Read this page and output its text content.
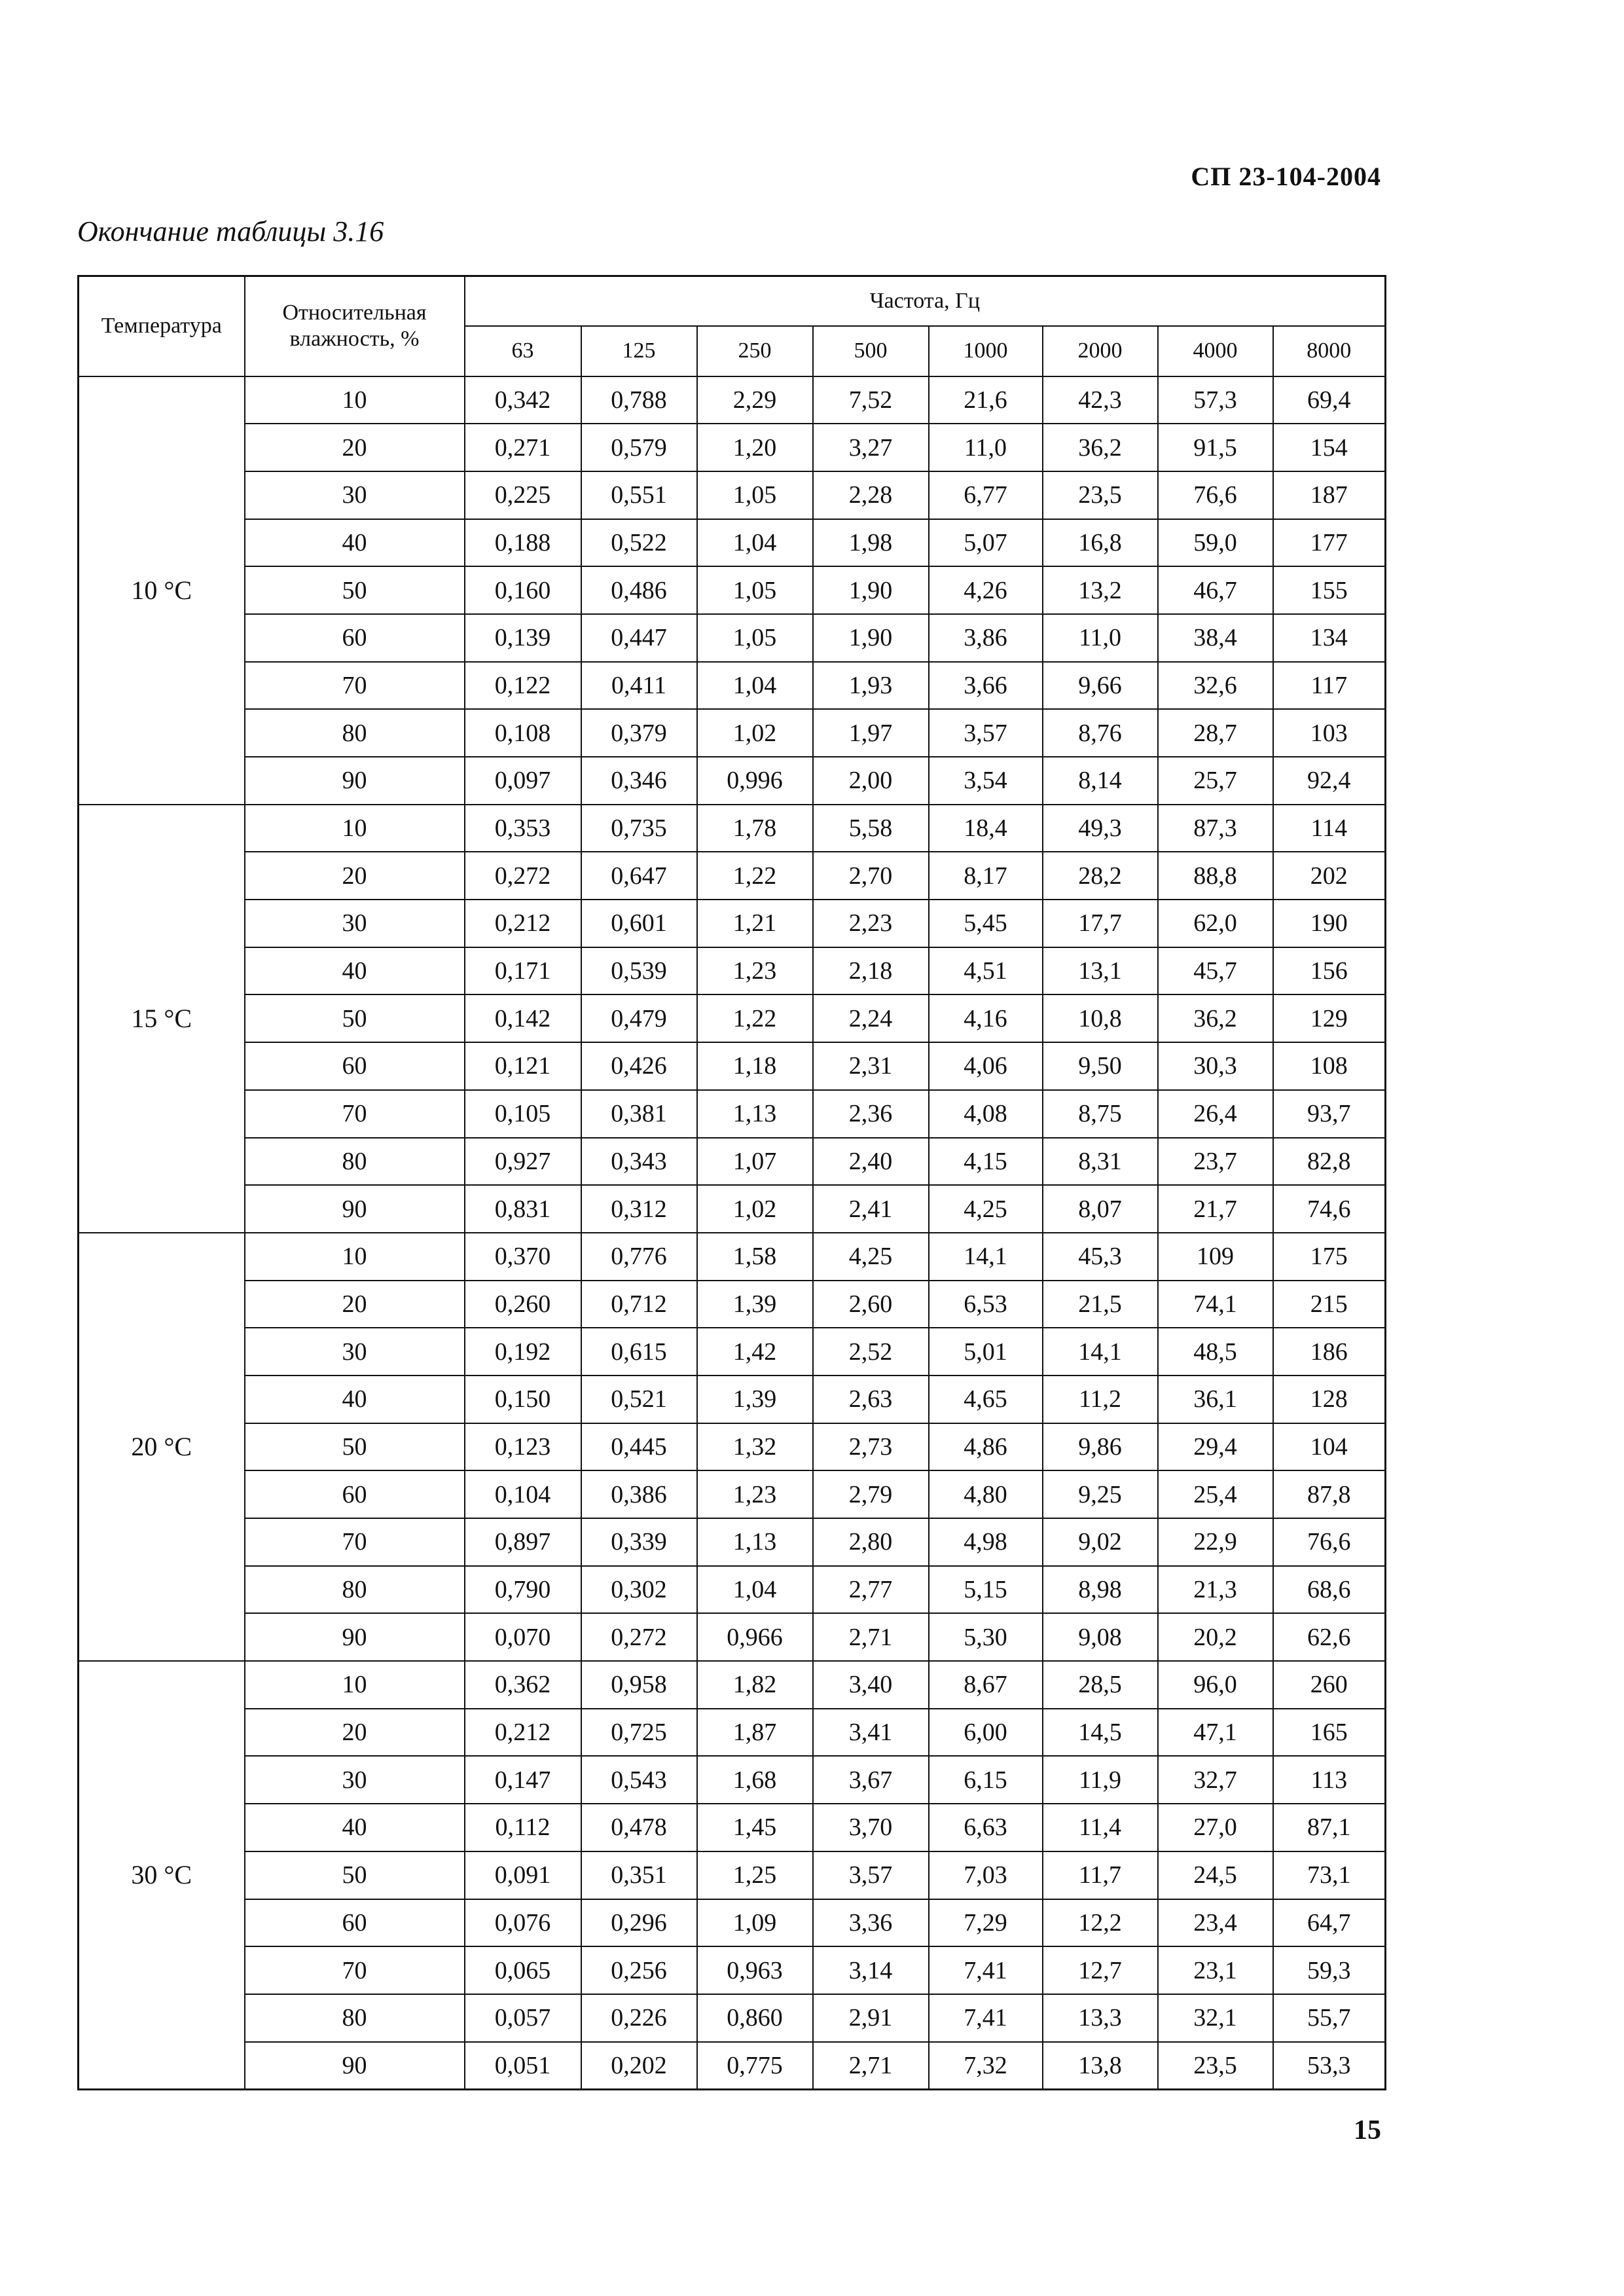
СП 23-104-2004
Окончание таблицы 3.16
Температура	Относительная влажность, %	Частота, Гц							
		63	125	250	500	1000	2000	4000	8000
10 °C	10	0,342	0,788	2,29	7,52	21,6	42,3	57,3	69,4
	20	0,271	0,579	1,20	3,27	11,0	36,2	91,5	154
	30	0,225	0,551	1,05	2,28	6,77	23,5	76,6	187
	40	0,188	0,522	1,04	1,98	5,07	16,8	59,0	177
	50	0,160	0,486	1,05	1,90	4,26	13,2	46,7	155
	60	0,139	0,447	1,05	1,90	3,86	11,0	38,4	134
	70	0,122	0,411	1,04	1,93	3,66	9,66	32,6	117
	80	0,108	0,379	1,02	1,97	3,57	8,76	28,7	103
	90	0,097	0,346	0,996	2,00	3,54	8,14	25,7	92,4
15 °C	10	0,353	0,735	1,78	5,58	18,4	49,3	87,3	114
	20	0,272	0,647	1,22	2,70	8,17	28,2	88,8	202
	30	0,212	0,601	1,21	2,23	5,45	17,7	62,0	190
	40	0,171	0,539	1,23	2,18	4,51	13,1	45,7	156
	50	0,142	0,479	1,22	2,24	4,16	10,8	36,2	129
	60	0,121	0,426	1,18	2,31	4,06	9,50	30,3	108
	70	0,105	0,381	1,13	2,36	4,08	8,75	26,4	93,7
	80	0,927	0,343	1,07	2,40	4,15	8,31	23,7	82,8
	90	0,831	0,312	1,02	2,41	4,25	8,07	21,7	74,6
20 °C	10	0,370	0,776	1,58	4,25	14,1	45,3	109	175
	20	0,260	0,712	1,39	2,60	6,53	21,5	74,1	215
	30	0,192	0,615	1,42	2,52	5,01	14,1	48,5	186
	40	0,150	0,521	1,39	2,63	4,65	11,2	36,1	128
	50	0,123	0,445	1,32	2,73	4,86	9,86	29,4	104
	60	0,104	0,386	1,23	2,79	4,80	9,25	25,4	87,8
	70	0,897	0,339	1,13	2,80	4,98	9,02	22,9	76,6
	80	0,790	0,302	1,04	2,77	5,15	8,98	21,3	68,6
	90	0,070	0,272	0,966	2,71	5,30	9,08	20,2	62,6
30 °C	10	0,362	0,958	1,82	3,40	8,67	28,5	96,0	260
	20	0,212	0,725	1,87	3,41	6,00	14,5	47,1	165
	30	0,147	0,543	1,68	3,67	6,15	11,9	32,7	113
	40	0,112	0,478	1,45	3,70	6,63	11,4	27,0	87,1
	50	0,091	0,351	1,25	3,57	7,03	11,7	24,5	73,1
	60	0,076	0,296	1,09	3,36	7,29	12,2	23,4	64,7
	70	0,065	0,256	0,963	3,14	7,41	12,7	23,1	59,3
	80	0,057	0,226	0,860	2,91	7,41	13,3	32,1	55,7
	90	0,051	0,202	0,775	2,71	7,32	13,8	23,5	53,3
15
